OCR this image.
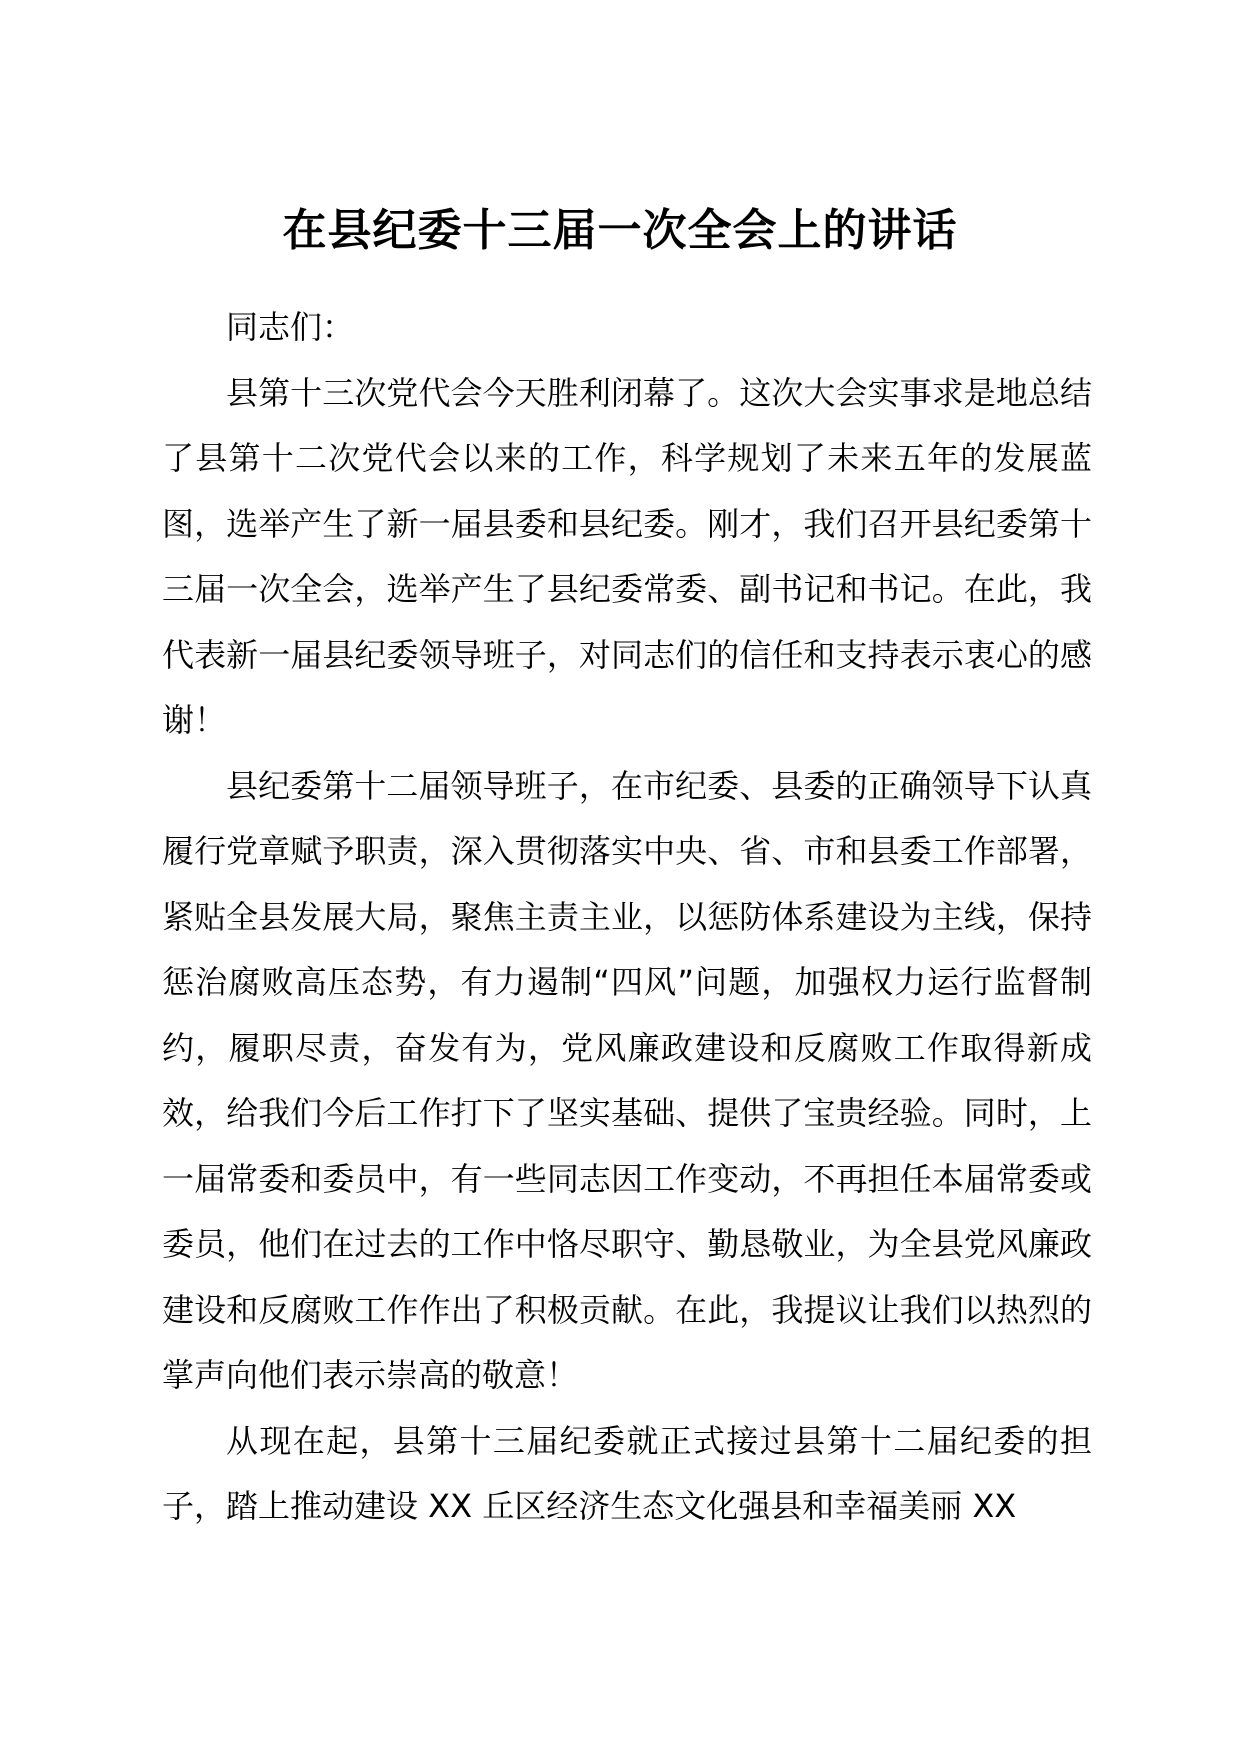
在县纪委十三届一次全会上的讲话

同志们：

县第十三次党代会今天胜利闭幕了。这次大会实事求是地总结了县第十二次党代会以来的工作，科学规划了未来五年的发展蓝图，选举产生了新一届县委和县纪委。刚才，我们召开县纪委第十三届一次全会，选举产生了县纪委常委、副书记和书记。在此，我代表新一届县纪委领导班子，对同志们的信任和支持表示衷心的感谢！

县纪委第十二届领导班子，在市纪委、县委的正确领导下认真履行党章赋予职责，深入贯彻落实中央、省、市和县委工作部署，紧贴全县发展大局，聚焦主责主业，以惩防体系建设为主线，保持惩治腐败高压态势，有力遏制“四风”问题，加强权力运行监督制约，履职尽责，奋发有为，党风廉政建设和反腐败工作取得新成效，给我们今后工作打下了坚实基础、提供了宝贵经验。同时，上一届常委和委员中，有一些同志因工作变动，不再担任本届常委或委员，他们在过去的工作中恪尽职守、勤恳敬业，为全县党风廉政建设和反腐败工作作出了积极贡献。在此，我提议让我们以热烈的掌声向他们表示崇高的敬意！

从现在起，县第十三届纪委就正式接过县第十二届纪委的担子，踏上推动建设 XX 丘区经济生态文化强县和幸福美丽 XX
